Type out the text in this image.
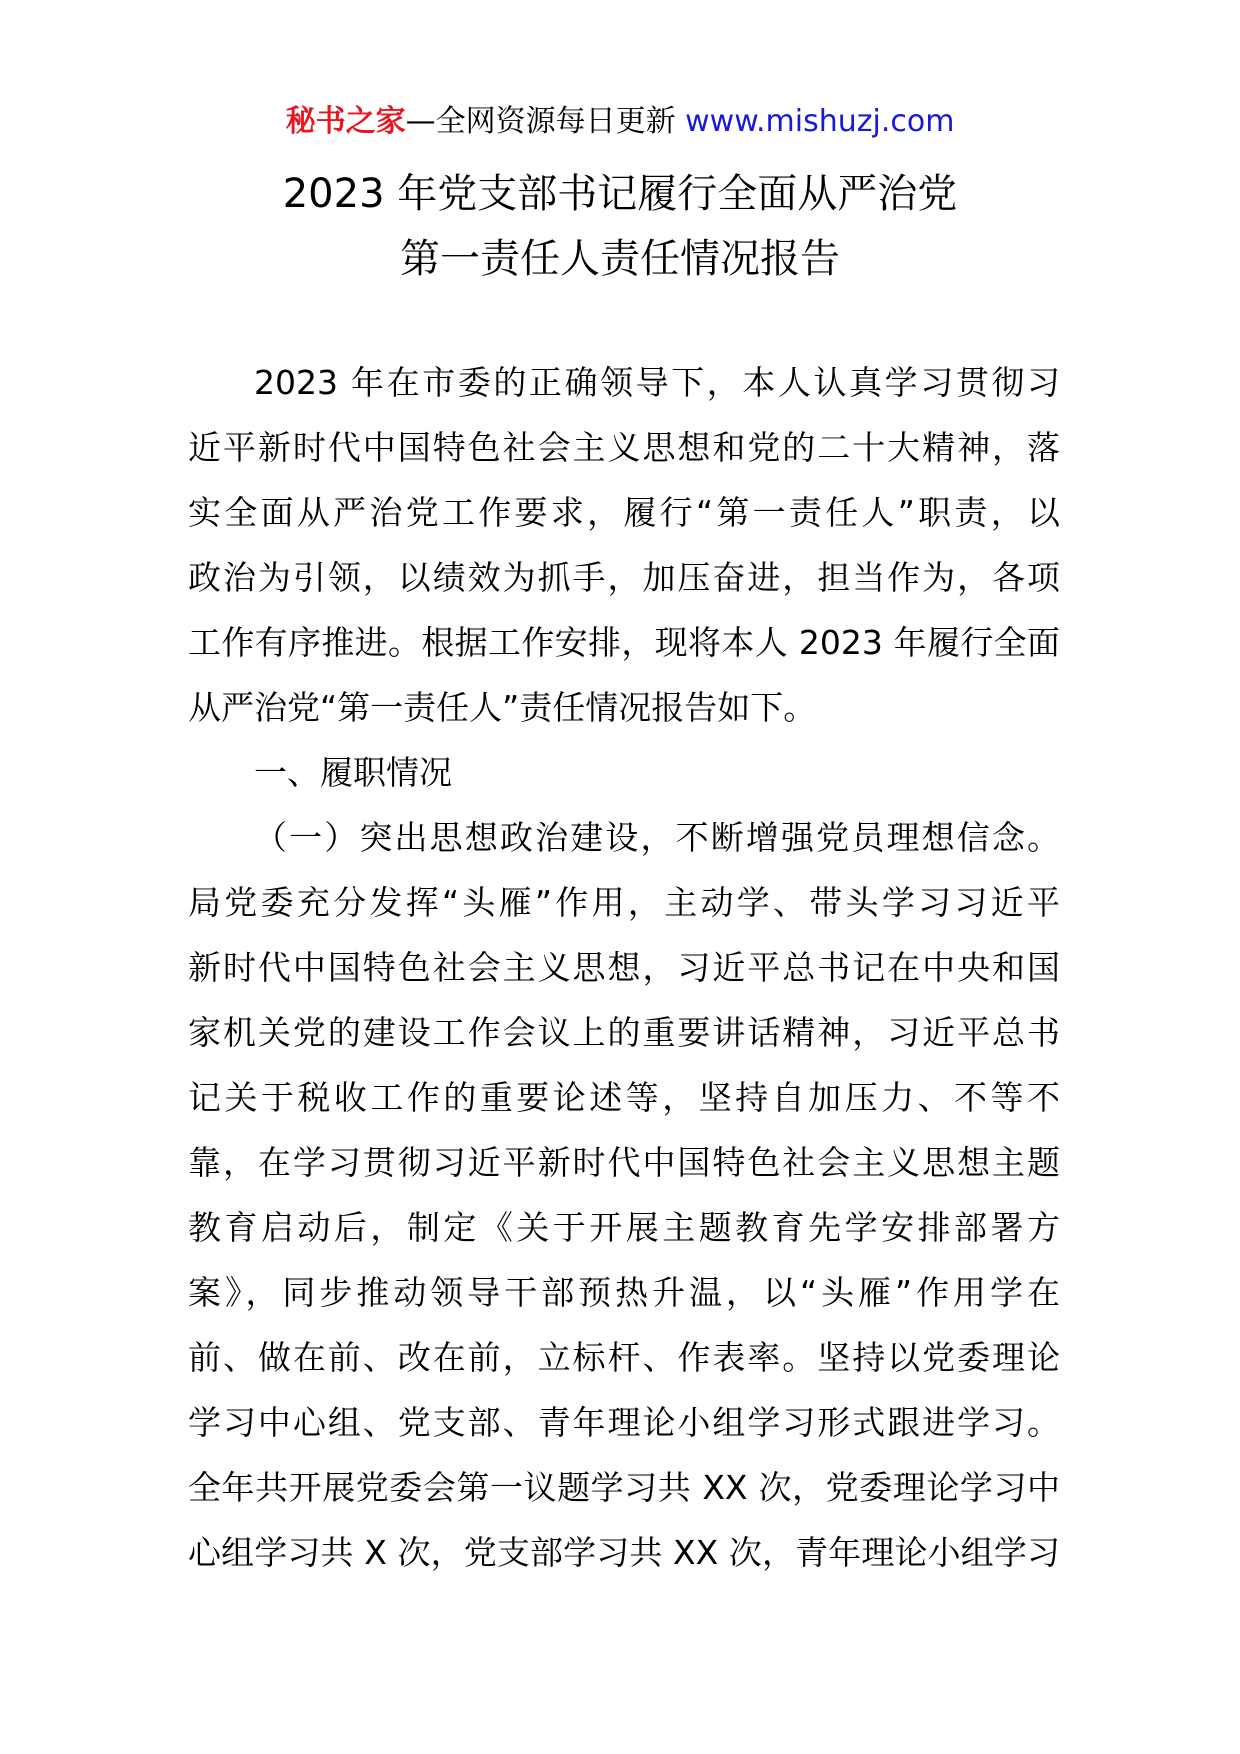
秘书之家—全网资源每日更新 www.mishuzj.com
2023 年党支部书记履行全面从严治党
第一责任人责任情况报告
2023 年在市委的正确领导下，本人认真学习贯彻习
近平新时代中国特色社会主义思想和党的二十大精神，落
实全面从严治党工作要求，履行“第一责任人”职责，以
政治为引领，以绩效为抓手，加压奋进，担当作为，各项
工作有序推进。根据工作安排，现将本人 2023 年履行全面
从严治党“第一责任人”责任情况报告如下。
一、履职情况
（一）突出思想政治建设，不断增强党员理想信念。
局党委充分发挥“头雁”作用，主动学、带头学习习近平
新时代中国特色社会主义思想，习近平总书记在中央和国
家机关党的建设工作会议上的重要讲话精神，习近平总书
记关于税收工作的重要论述等，坚持自加压力、不等不
靠，在学习贯彻习近平新时代中国特色社会主义思想主题
教育启动后，制定《关于开展主题教育先学安排部署方
案》，同步推动领导干部预热升温，以“头雁”作用学在
前、做在前、改在前，立标杆、作表率。坚持以党委理论
学习中心组、党支部、青年理论小组学习形式跟进学习。
全年共开展党委会第一议题学习共 XX 次，党委理论学习中
心组学习共 X 次，党支部学习共 XX 次，青年理论小组学习
